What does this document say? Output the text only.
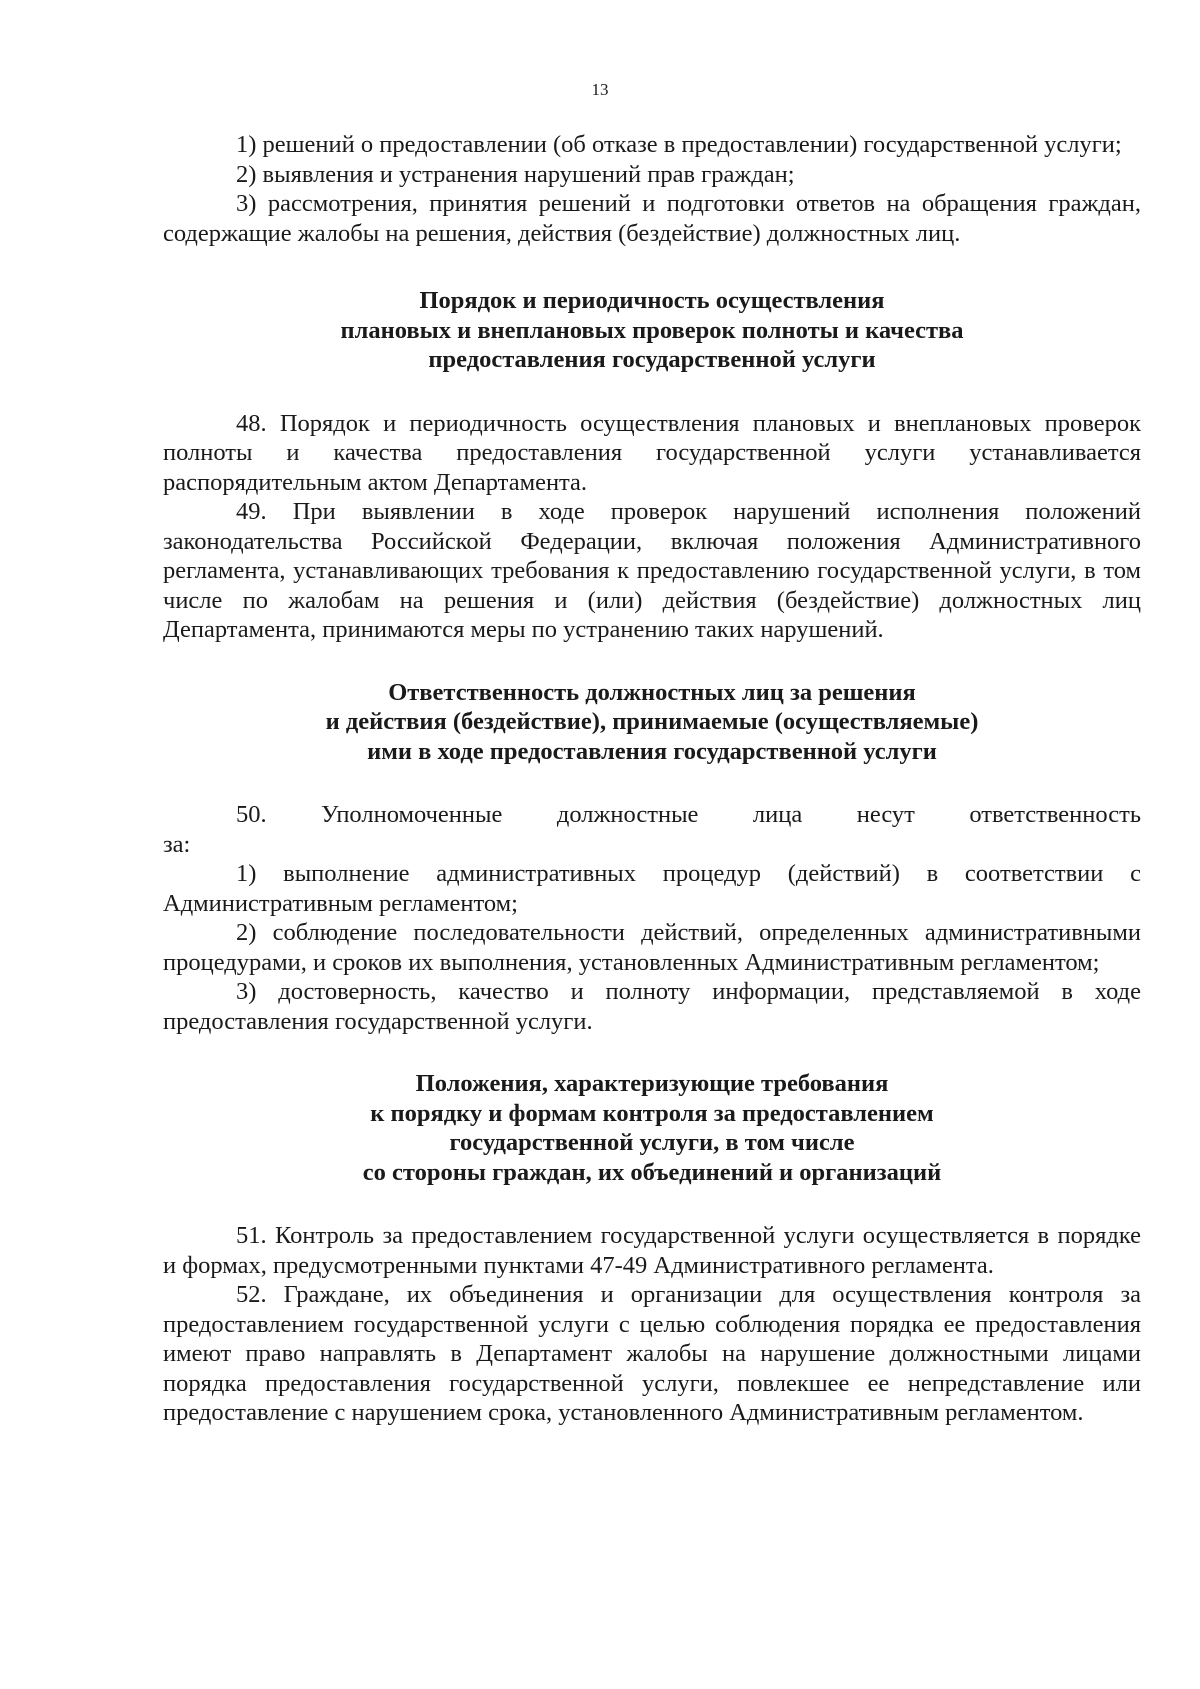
13

1) решений о предоставлении (об отказе в предоставлении) государственной услуги;

2) выявления и устранения нарушений прав граждан;

3) рассмотрения, принятия решений и подготовки ответов на обращения граждан, содержащие жалобы на решения, действия (бездействие) должностных лиц.

Порядок и периодичность осуществления
плановых и внеплановых проверок полноты и качества
предоставления государственной услуги

48. Порядок и периодичность осуществления плановых и внеплановых проверок полноты и качества предоставления государственной услуги устанавливается распорядительным актом Департамента.

49. При выявлении в ходе проверок нарушений исполнения положений законодательства Российской Федерации, включая положения Административного регламента, устанавливающих требования к предоставлению государственной услуги, в том числе по жалобам на решения и (или) действия (бездействие) должностных лиц Департамента, принимаются меры по устранению таких нарушений.

Ответственность должностных лиц за решения
и действия (бездействие), принимаемые (осуществляемые)
ими в ходе предоставления государственной услуги

50. Уполномоченные должностные лица несут ответственность

за:

1) выполнение административных процедур (действий) в соответствии с Административным регламентом;

2) соблюдение последовательности действий, определенных административными процедурами, и сроков их выполнения, установленных Административным регламентом;

3) достоверность, качество и полноту информации, представляемой в ходе предоставления государственной услуги.

Положения, характеризующие требования
к порядку и формам контроля за предоставлением
государственной услуги, в том числе
со стороны граждан, их объединений и организаций

51. Контроль за предоставлением государственной услуги осуществляется в порядке и формах, предусмотренными пунктами 47-49 Административного регламента.

52. Граждане, их объединения и организации для осуществления контроля за предоставлением государственной услуги с целью соблюдения порядка ее предоставления имеют право направлять в Департамент жалобы на нарушение должностными лицами порядка предоставления государственной услуги, повлекшее ее непредставление или предоставление с нарушением срока, установленного Административным регламентом.
